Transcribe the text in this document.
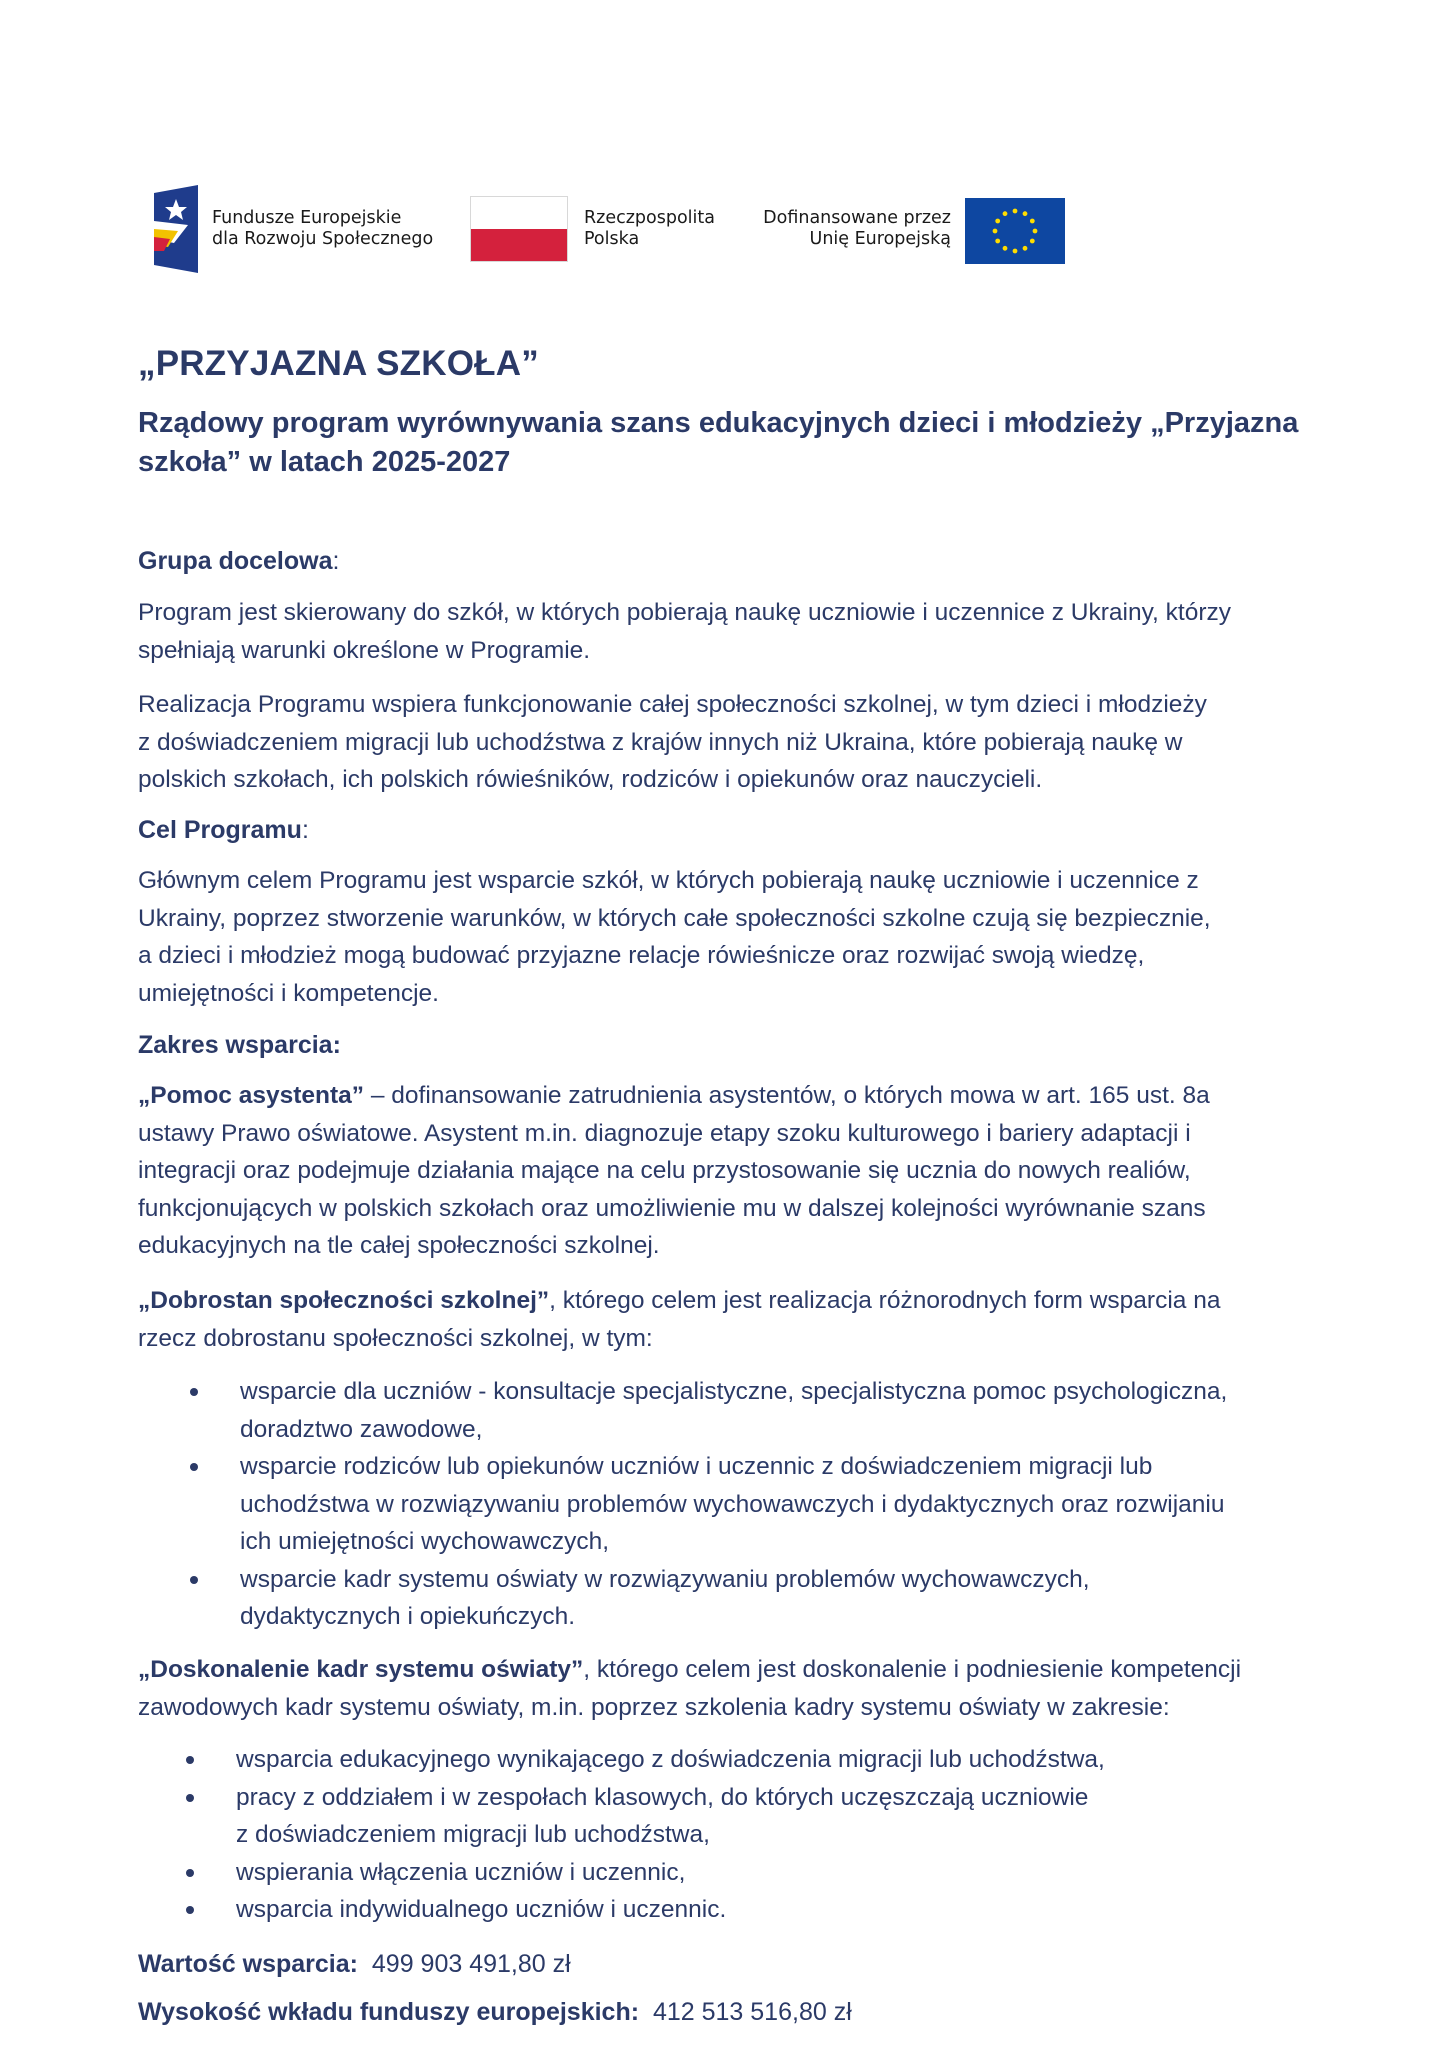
Fundusze Europejskie
dla Rozwoju Społecznego
Rzeczpospolita
Polska
Dofinansowane przez
Unię Europejską
„PRZYJAZNA SZKOŁA”
Rządowy program wyrównywania szans edukacyjnych dzieci i młodzieży „Przyjazna
szkoła” w latach 2025-2027
Grupa docelowa:
Program jest skierowany do szkół, w których pobierają naukę uczniowie i uczennice z Ukrainy, którzy
spełniają warunki określone w Programie.
Realizacja Programu wspiera funkcjonowanie całej społeczności szkolnej, w tym dzieci i młodzieży
z doświadczeniem migracji lub uchodźstwa z krajów innych niż Ukraina, które pobierają naukę w
polskich szkołach, ich polskich rówieśników, rodziców i opiekunów oraz nauczycieli.
Cel Programu:
Głównym celem Programu jest wsparcie szkół, w których pobierają naukę uczniowie i uczennice z
Ukrainy, poprzez stworzenie warunków, w których całe społeczności szkolne czują się bezpiecznie,
a dzieci i młodzież mogą budować przyjazne relacje rówieśnicze oraz rozwijać swoją wiedzę,
umiejętności i kompetencje.
Zakres wsparcia:
„Pomoc asystenta” – dofinansowanie zatrudnienia asystentów, o których mowa w art. 165 ust. 8a
ustawy Prawo oświatowe. Asystent m.in. diagnozuje etapy szoku kulturowego i bariery adaptacji i
integracji oraz podejmuje działania mające na celu przystosowanie się ucznia do nowych realiów,
funkcjonujących w polskich szkołach oraz umożliwienie mu w dalszej kolejności wyrównanie szans
edukacyjnych na tle całej społeczności szkolnej.
„Dobrostan społeczności szkolnej”, którego celem jest realizacja różnorodnych form wsparcia na
rzecz dobrostanu społeczności szkolnej, w tym:
wsparcie dla uczniów - konsultacje specjalistyczne, specjalistyczna pomoc psychologiczna,
doradztwo zawodowe,
wsparcie rodziców lub opiekunów uczniów i uczennic z doświadczeniem migracji lub
uchodźstwa w rozwiązywaniu problemów wychowawczych i dydaktycznych oraz rozwijaniu
ich umiejętności wychowawczych,
wsparcie kadr systemu oświaty w rozwiązywaniu problemów wychowawczych,
dydaktycznych i opiekuńczych.
„Doskonalenie kadr systemu oświaty”, którego celem jest doskonalenie i podniesienie kompetencji
zawodowych kadr systemu oświaty, m.in. poprzez szkolenia kadry systemu oświaty w zakresie:
wsparcia edukacyjnego wynikającego z doświadczenia migracji lub uchodźstwa,
pracy z oddziałem i w zespołach klasowych, do których uczęszczają uczniowie
z doświadczeniem migracji lub uchodźstwa,
wspierania włączenia uczniów i uczennic,
wsparcia indywidualnego uczniów i uczennic.
Wartość wsparcia: 499 903 491,80 zł
Wysokość wkładu funduszy europejskich: 412 513 516,80 zł
